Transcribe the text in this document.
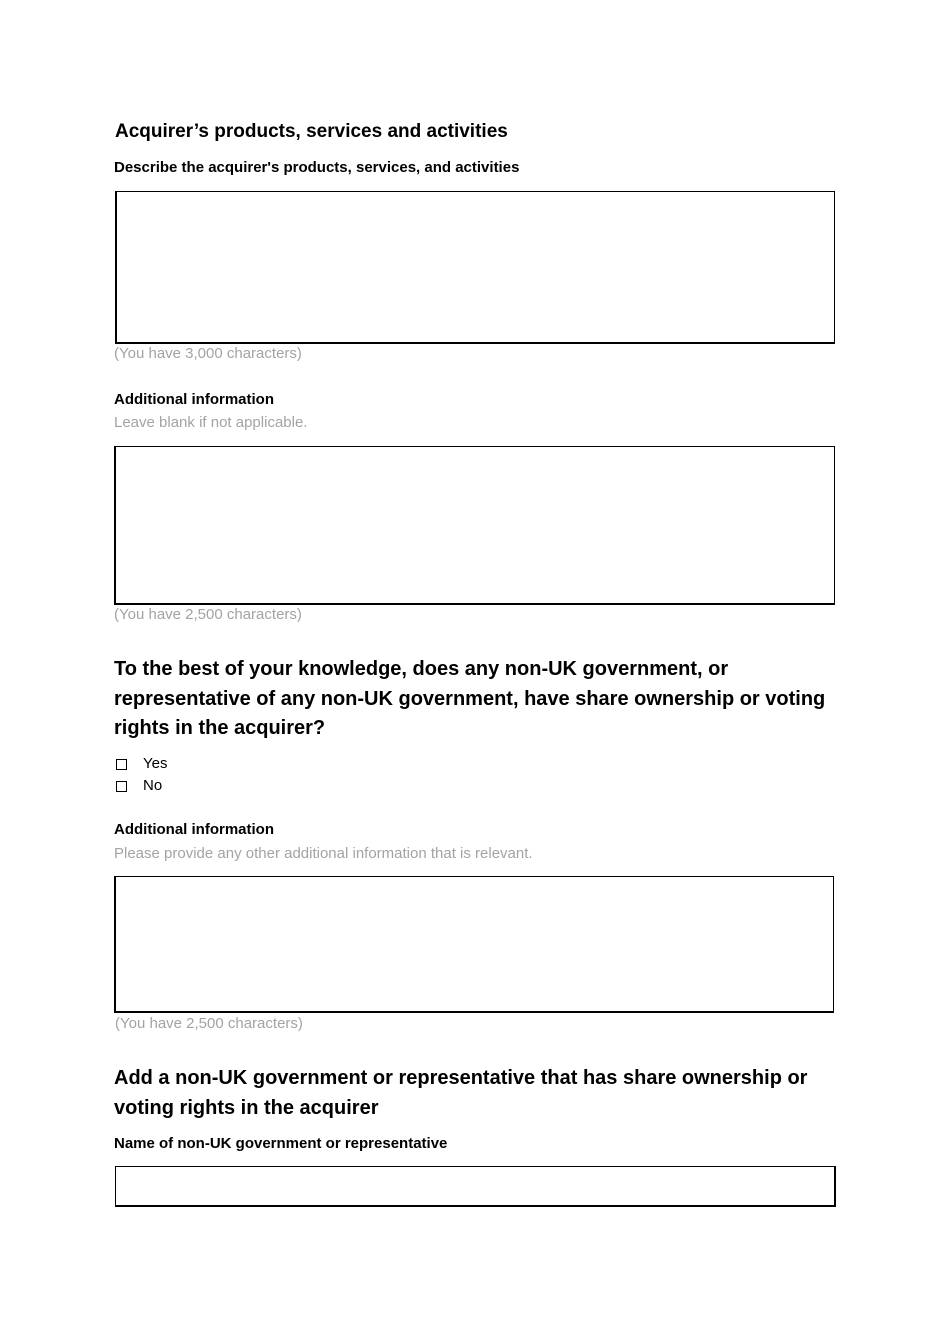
Acquirer’s products, services and activities
Describe the acquirer's products, services, and activities
(You have 3,000 characters)
Additional information
Leave blank if not applicable.
(You have 2,500 characters)
To the best of your knowledge, does any non-UK government, or representative of any non-UK government, have share ownership or voting rights in the acquirer?
Yes
No
Additional information
Please provide any other additional information that is relevant.
(You have 2,500 characters)
Add a non-UK government or representative that has share ownership or voting rights in the acquirer
Name of non-UK government or representative
